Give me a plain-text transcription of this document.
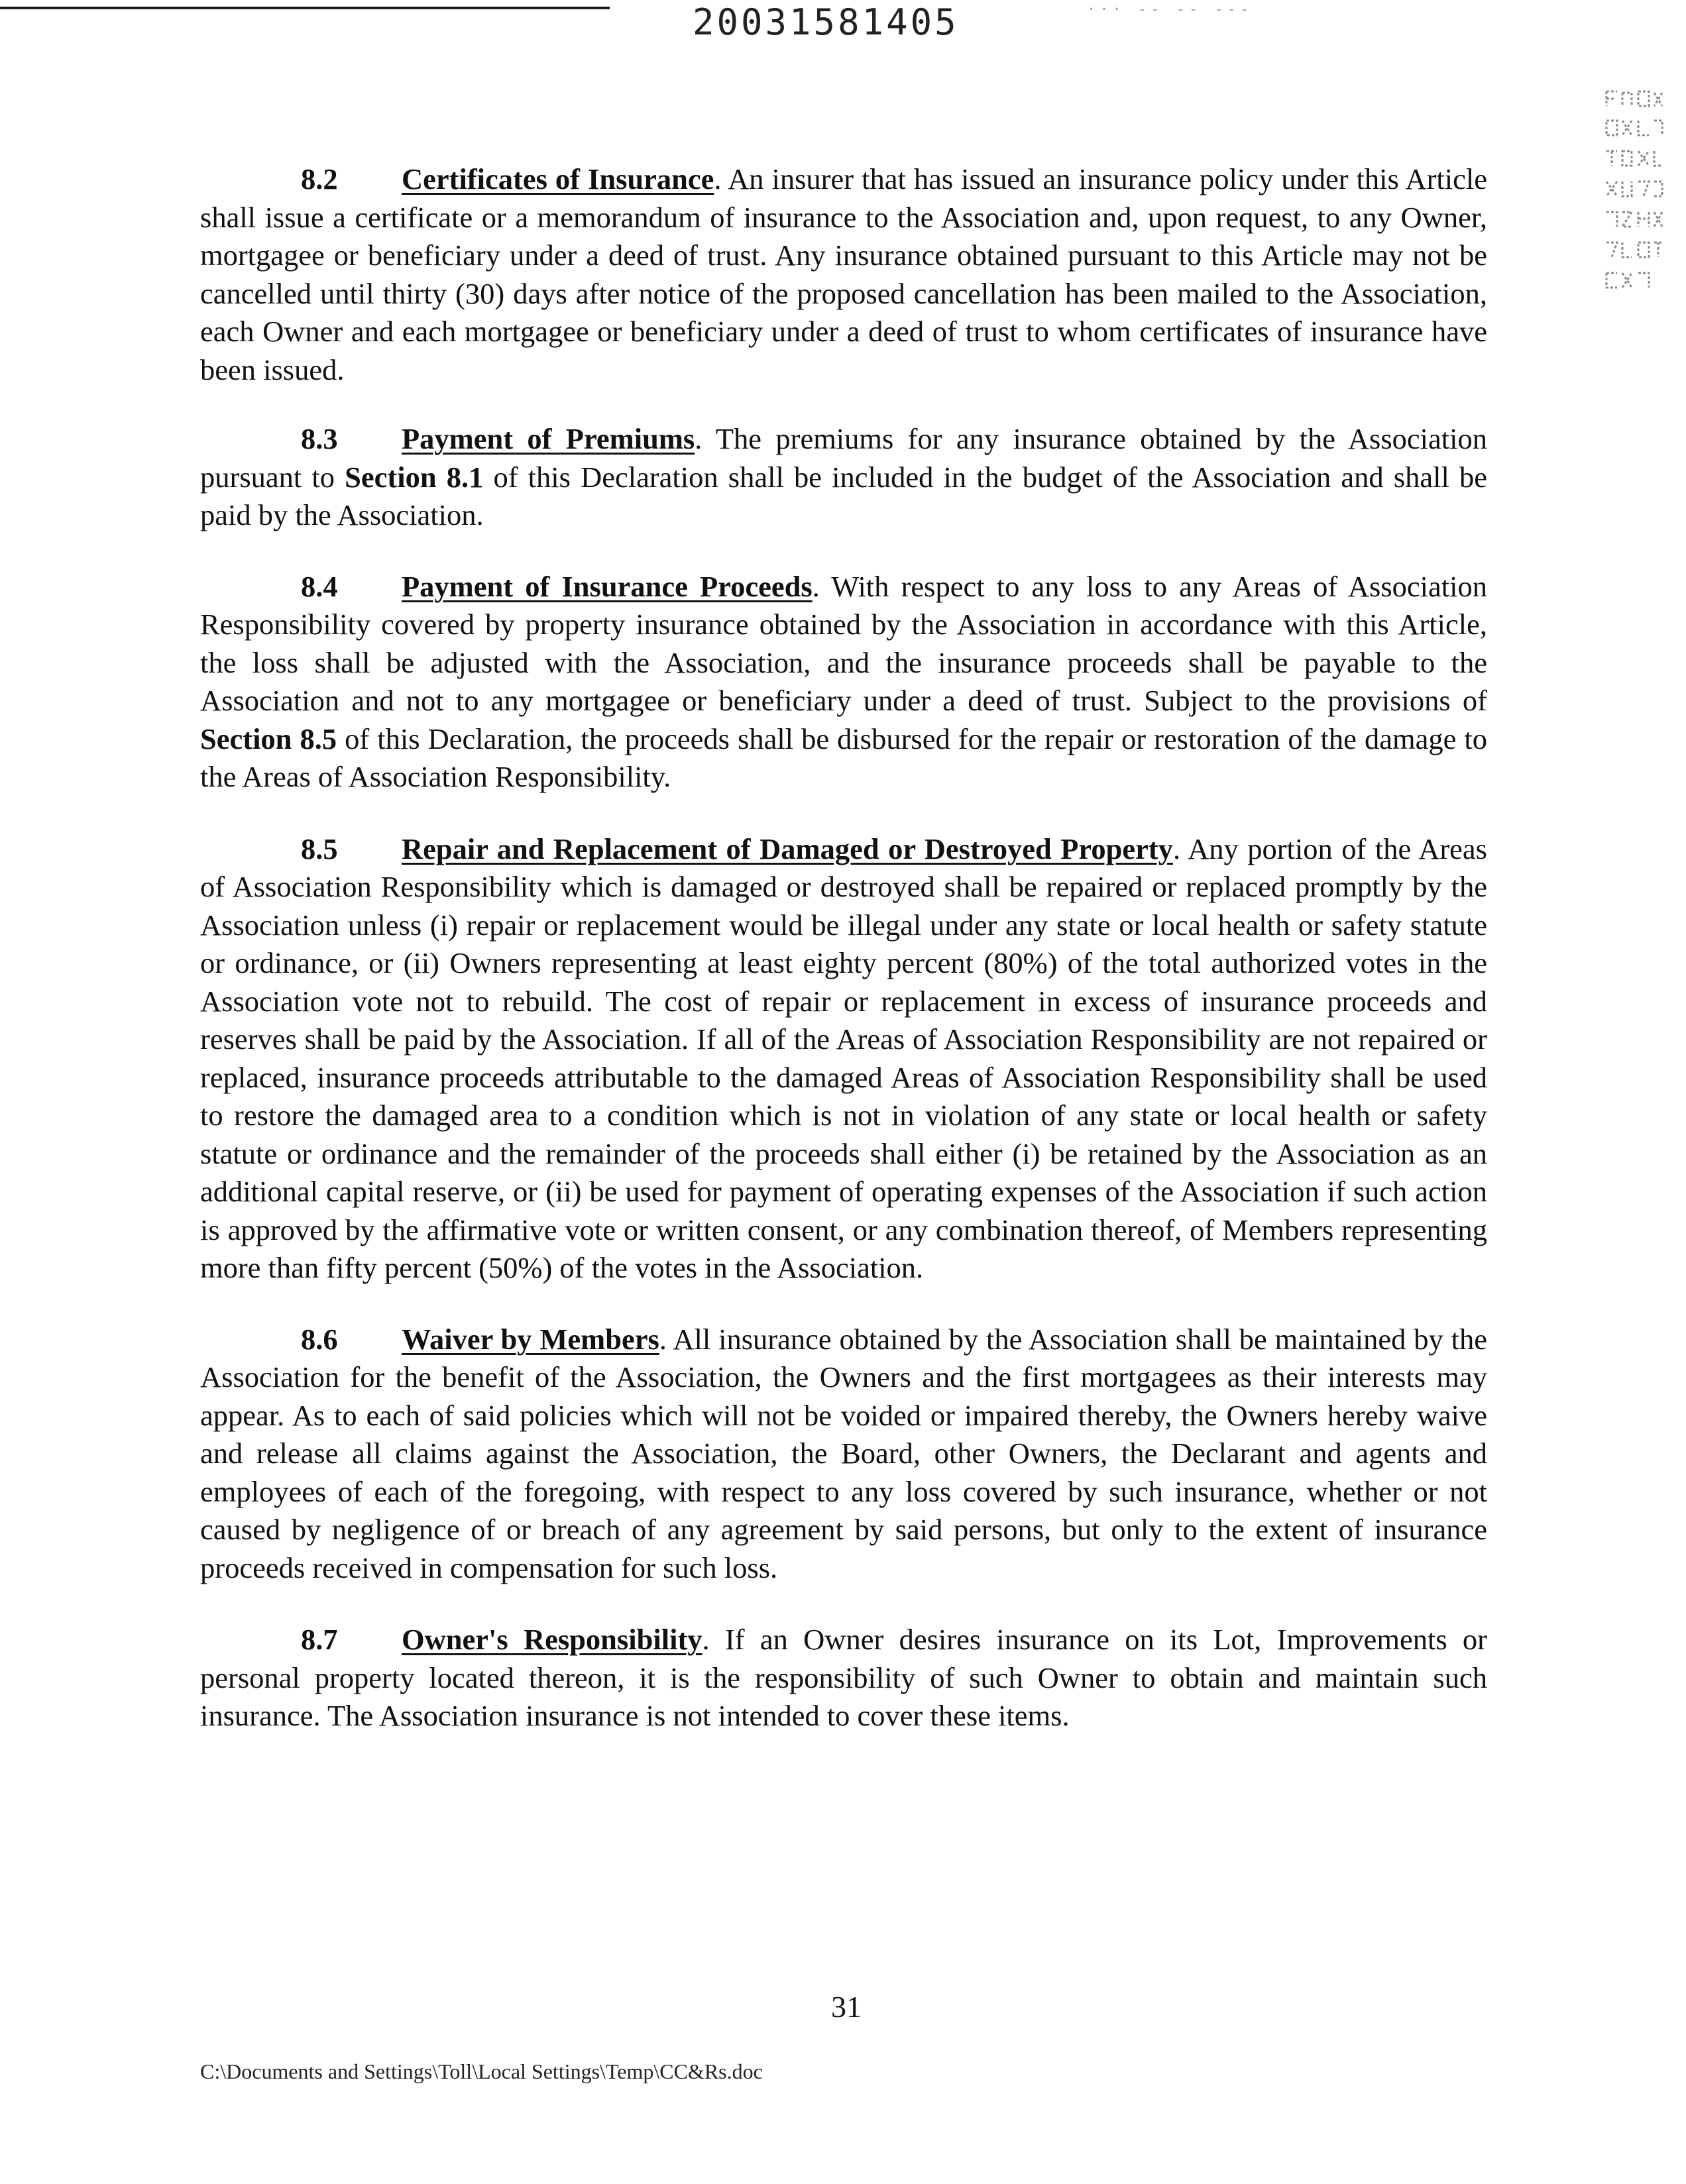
··· -- -- ---
20031581405

8.2 Certificates of Insurance. An insurer that has issued an insurance policy under this Article shall issue a certificate or a memorandum of insurance to the Association and, upon request, to any Owner, mortgagee or beneficiary under a deed of trust. Any insurance obtained pursuant to this Article may not be cancelled until thirty (30) days after notice of the proposed cancellation has been mailed to the Association, each Owner and each mortgagee or beneficiary under a deed of trust to whom certificates of insurance have been issued.

8.3 Payment of Premiums. The premiums for any insurance obtained by the Association pursuant to Section 8.1 of this Declaration shall be included in the budget of the Association and shall be paid by the Association.

8.4 Payment of Insurance Proceeds. With respect to any loss to any Areas of Association Responsibility covered by property insurance obtained by the Association in accordance with this Article, the loss shall be adjusted with the Association, and the insurance proceeds shall be payable to the Association and not to any mortgagee or beneficiary under a deed of trust. Subject to the provisions of Section 8.5 of this Declaration, the proceeds shall be disbursed for the repair or restoration of the damage to the Areas of Association Responsibility.

8.5 Repair and Replacement of Damaged or Destroyed Property. Any portion of the Areas of Association Responsibility which is damaged or destroyed shall be repaired or replaced promptly by the Association unless (i) repair or replacement would be illegal under any state or local health or safety statute or ordinance, or (ii) Owners representing at least eighty percent (80%) of the total authorized votes in the Association vote not to rebuild. The cost of repair or replacement in excess of insurance proceeds and reserves shall be paid by the Association. If all of the Areas of Association Responsibility are not repaired or replaced, insurance proceeds attributable to the damaged Areas of Association Responsibility shall be used to restore the damaged area to a condition which is not in violation of any state or local health or safety statute or ordinance and the remainder of the proceeds shall either (i) be retained by the Association as an additional capital reserve, or (ii) be used for payment of operating expenses of the Association if such action is approved by the affirmative vote or written consent, or any combination thereof, of Members representing more than fifty percent (50%) of the votes in the Association.

8.6 Waiver by Members. All insurance obtained by the Association shall be maintained by the Association for the benefit of the Association, the Owners and the first mortgagees as their interests may appear. As to each of said policies which will not be voided or impaired thereby, the Owners hereby waive and release all claims against the Association, the Board, other Owners, the Declarant and agents and employees of each of the foregoing, with respect to any loss covered by such insurance, whether or not caused by negligence of or breach of any agreement by said persons, but only to the extent of insurance proceeds received in compensation for such loss.

8.7 Owner's Responsibility. If an Owner desires insurance on its Lot, Improvements or personal property located thereon, it is the responsibility of such Owner to obtain and maintain such insurance. The Association insurance is not intended to cover these items.

31
C:\Documents and Settings\Toll\Local Settings\Temp\CC&Rs.doc
